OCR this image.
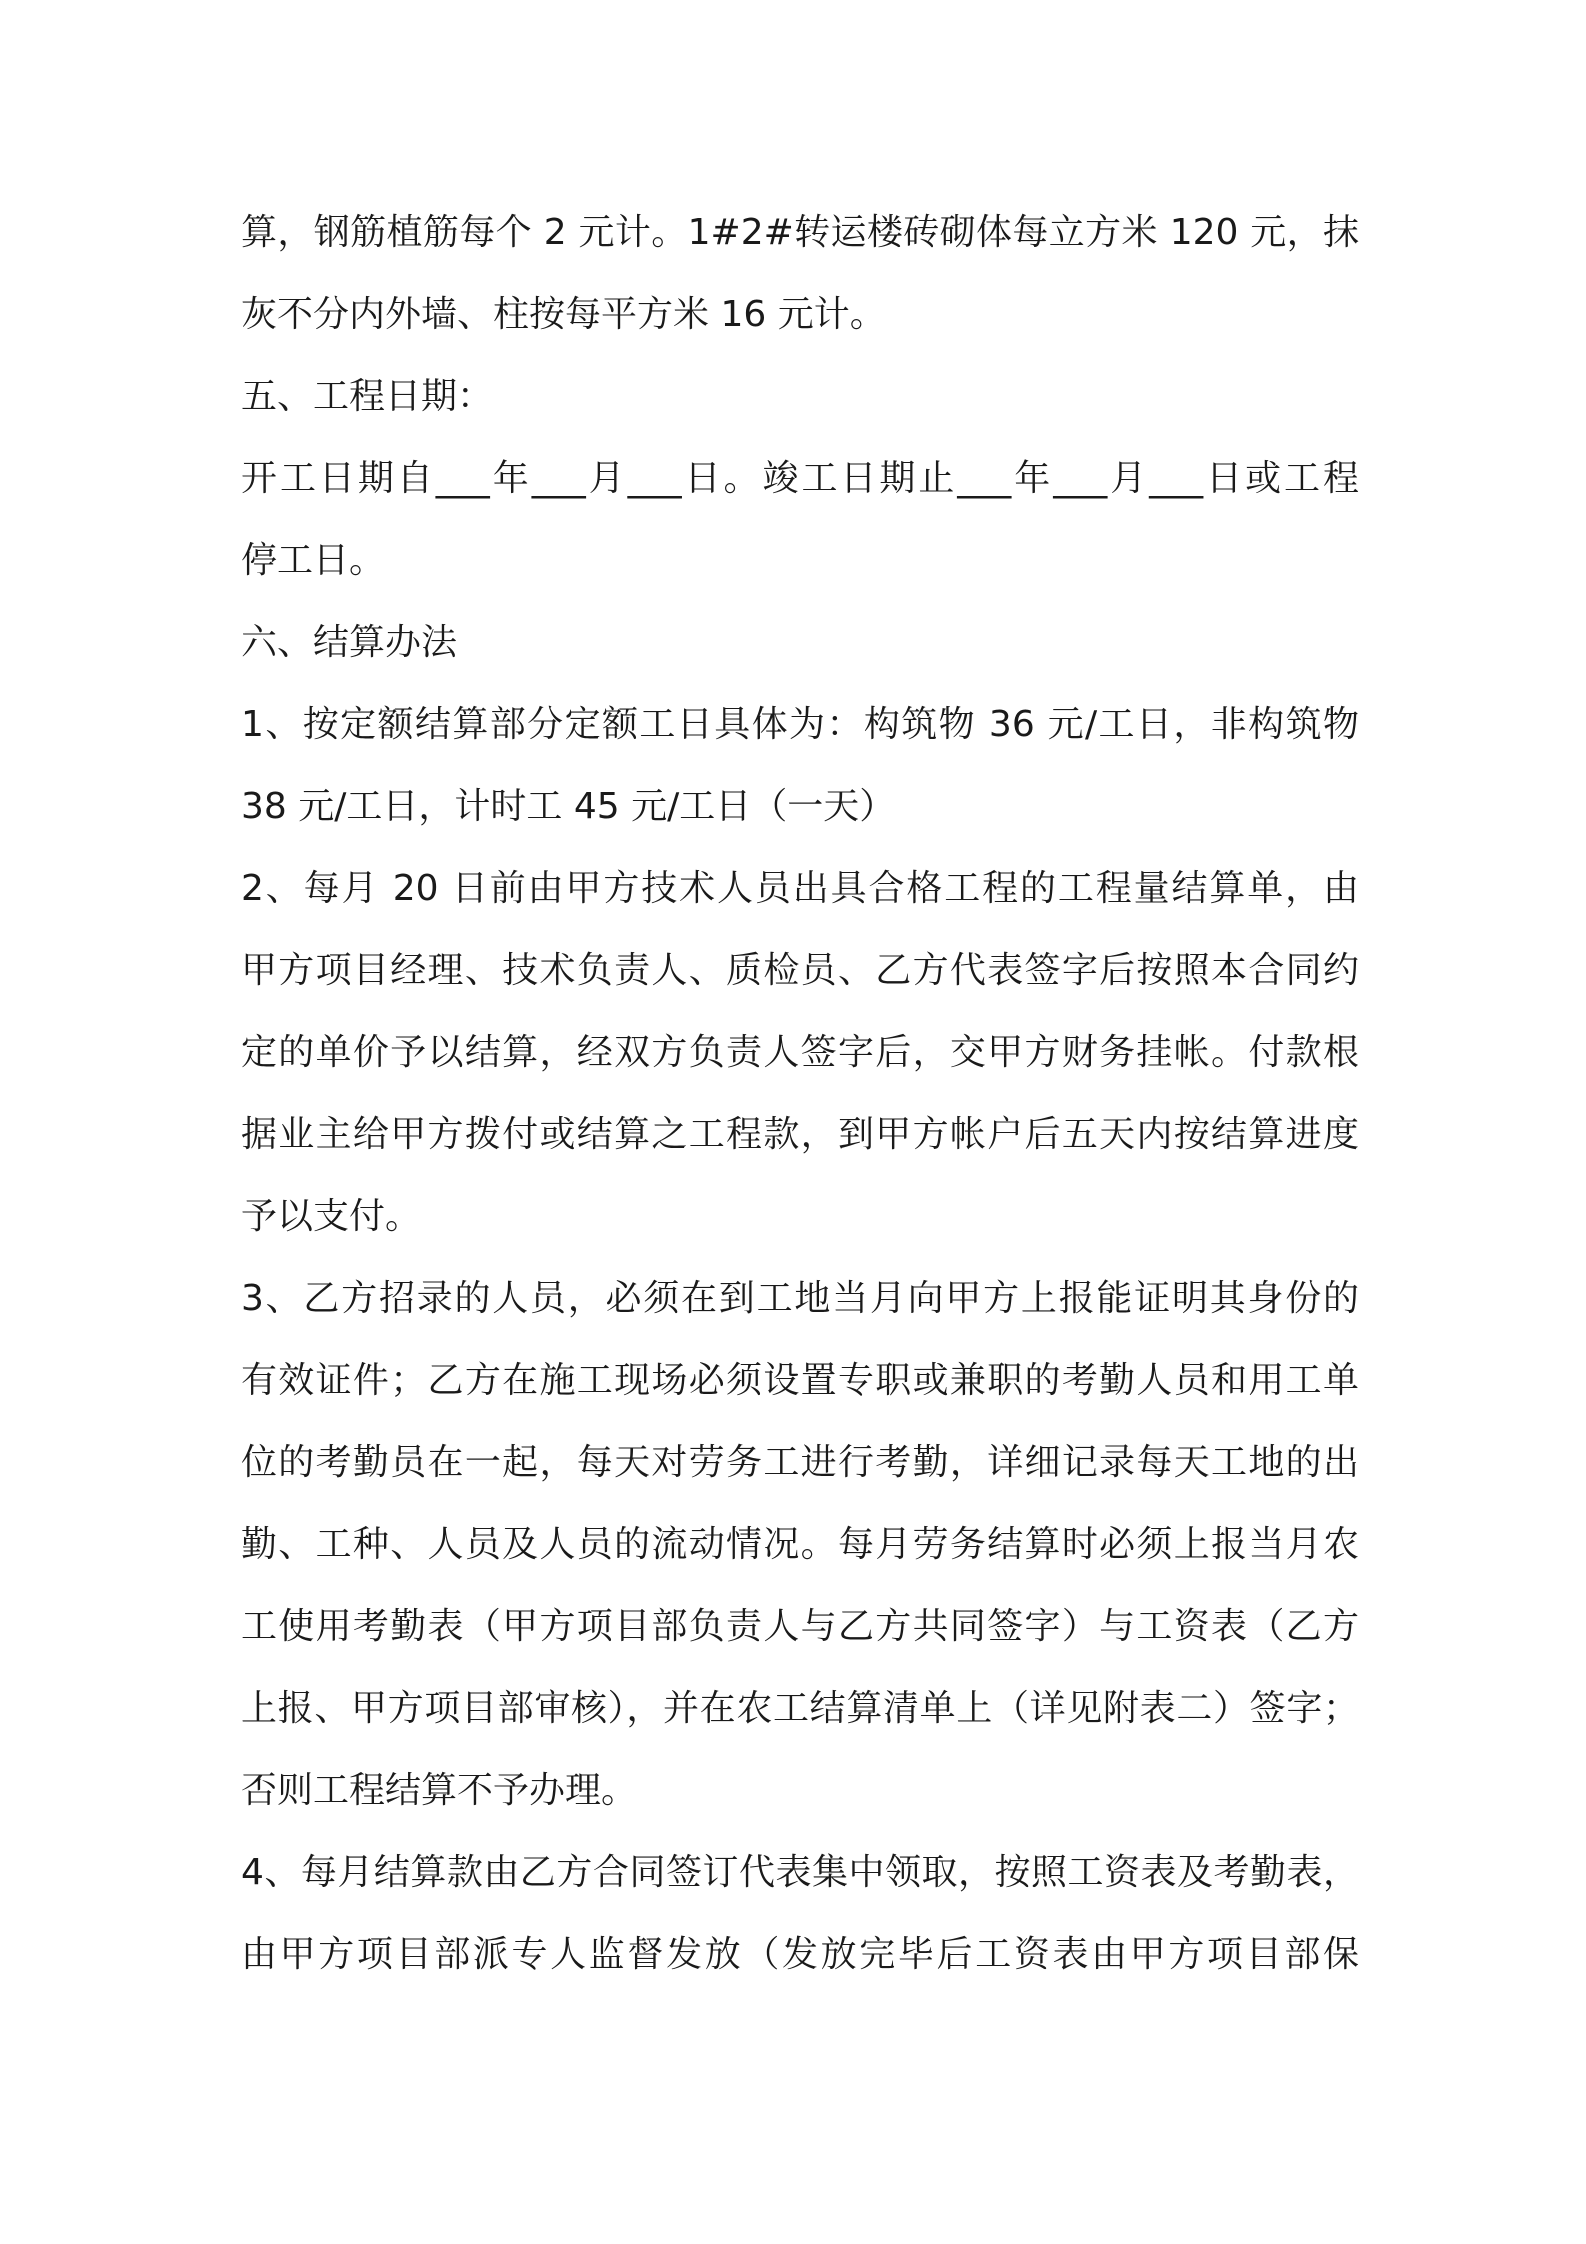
算，钢筋植筋每个 2 元计。1#2#转运楼砖砌体每立方米 120 元，抹
灰不分内外墙、柱按每平方米 16 元计。
五、工程日期：
开工日期自___年___月___日。竣工日期止___年___月___日或工程
停工日。
六、结算办法
1、按定额结算部分定额工日具体为：构筑物 36 元/工日，非构筑物
38 元/工日，计时工 45 元/工日（一天）
2、每月 20 日前由甲方技术人员出具合格工程的工程量结算单，由
甲方项目经理、技术负责人、质检员、乙方代表签字后按照本合同约
定的单价予以结算，经双方负责人签字后，交甲方财务挂帐。付款根
据业主给甲方拨付或结算之工程款，到甲方帐户后五天内按结算进度
予以支付。
3、乙方招录的人员，必须在到工地当月向甲方上报能证明其身份的
有效证件；乙方在施工现场必须设置专职或兼职的考勤人员和用工单
位的考勤员在一起，每天对劳务工进行考勤，详细记录每天工地的出
勤、工种、人员及人员的流动情况。每月劳务结算时必须上报当月农
工使用考勤表（甲方项目部负责人与乙方共同签字）与工资表（乙方
上报、甲方项目部审核），并在农工结算清单上（详见附表二）签字；
否则工程结算不予办理。
4、每月结算款由乙方合同签订代表集中领取，按照工资表及考勤表，
由甲方项目部派专人监督发放（发放完毕后工资表由甲方项目部保
